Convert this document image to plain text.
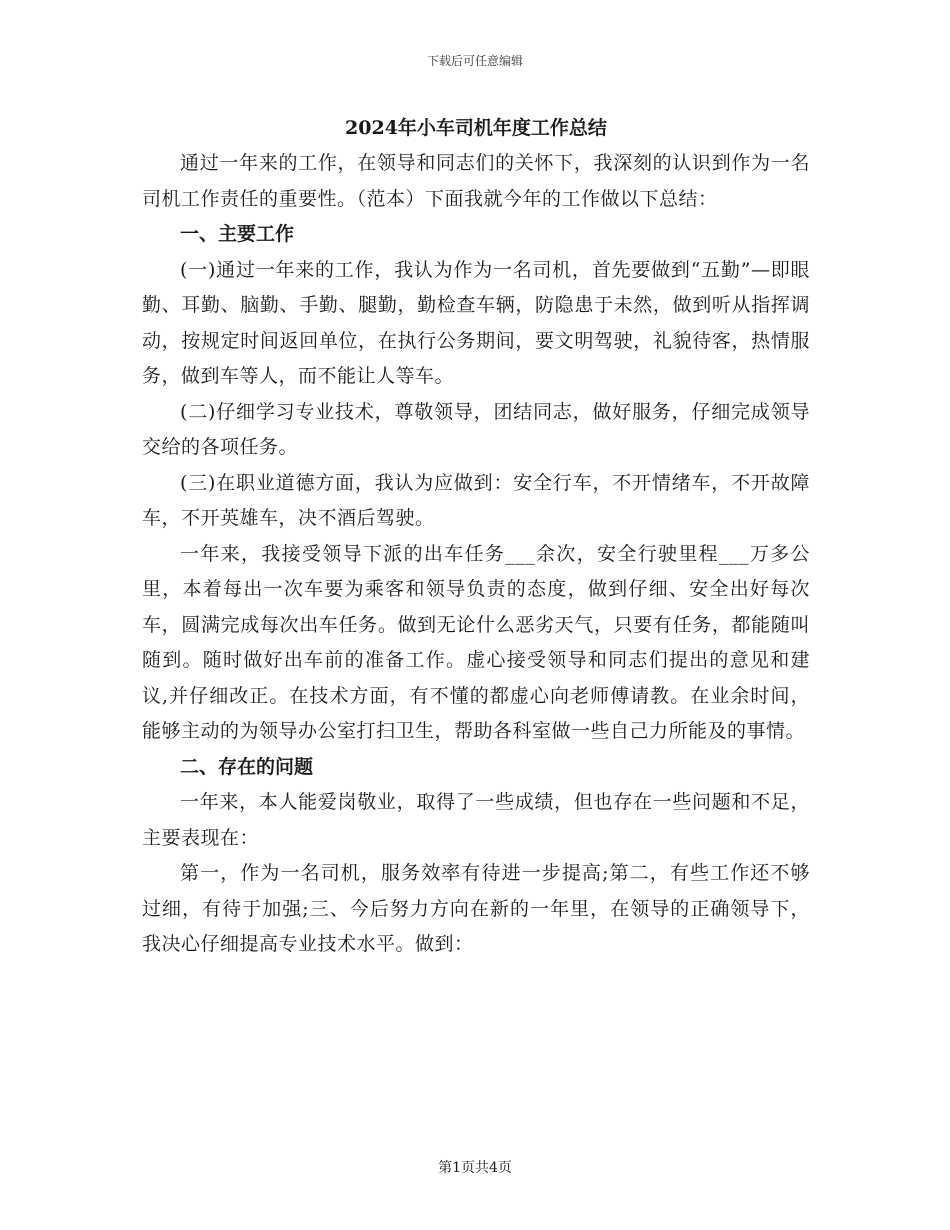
下载后可任意编辑
2024年小车司机年度工作总结

通过一年来的工作，在领导和同志们的关怀下，我深刻的认识到作为一名司机工作责任的重要性。（范本）下面我就今年的工作做以下总结：

一、主要工作

(一)通过一年来的工作，我认为作为一名司机，首先要做到“五勤”—即眼勤、耳勤、脑勤、手勤、腿勤，勤检查车辆，防隐患于未然，做到听从指挥调动，按规定时间返回单位，在执行公务期间，要文明驾驶，礼貌待客，热情服务，做到车等人，而不能让人等车。

(二)仔细学习专业技术，尊敬领导，团结同志，做好服务，仔细完成领导交给的各项任务。

(三)在职业道德方面，我认为应做到：安全行车，不开情绪车，不开故障车，不开英雄车，决不酒后驾驶。

一年来，我接受领导下派的出车任务___余次，安全行驶里程___万多公里，本着每出一次车要为乘客和领导负责的态度，做到仔细、安全出好每次车，圆满完成每次出车任务。做到无论什么恶劣天气，只要有任务，都能随叫随到。随时做好出车前的准备工作。虚心接受领导和同志们提出的意见和建议,并仔细改正。在技术方面，有不懂的都虚心向老师傅请教。在业余时间，能够主动的为领导办公室打扫卫生，帮助各科室做一些自己力所能及的事情。

二、存在的问题

一年来，本人能爱岗敬业，取得了一些成绩，但也存在一些问题和不足，主要表现在：

第一，作为一名司机，服务效率有待进一步提高;第二，有些工作还不够过细，有待于加强;三、今后努力方向在新的一年里，在领导的正确领导下，我决心仔细提高专业技术水平。做到：

第1页共4页
